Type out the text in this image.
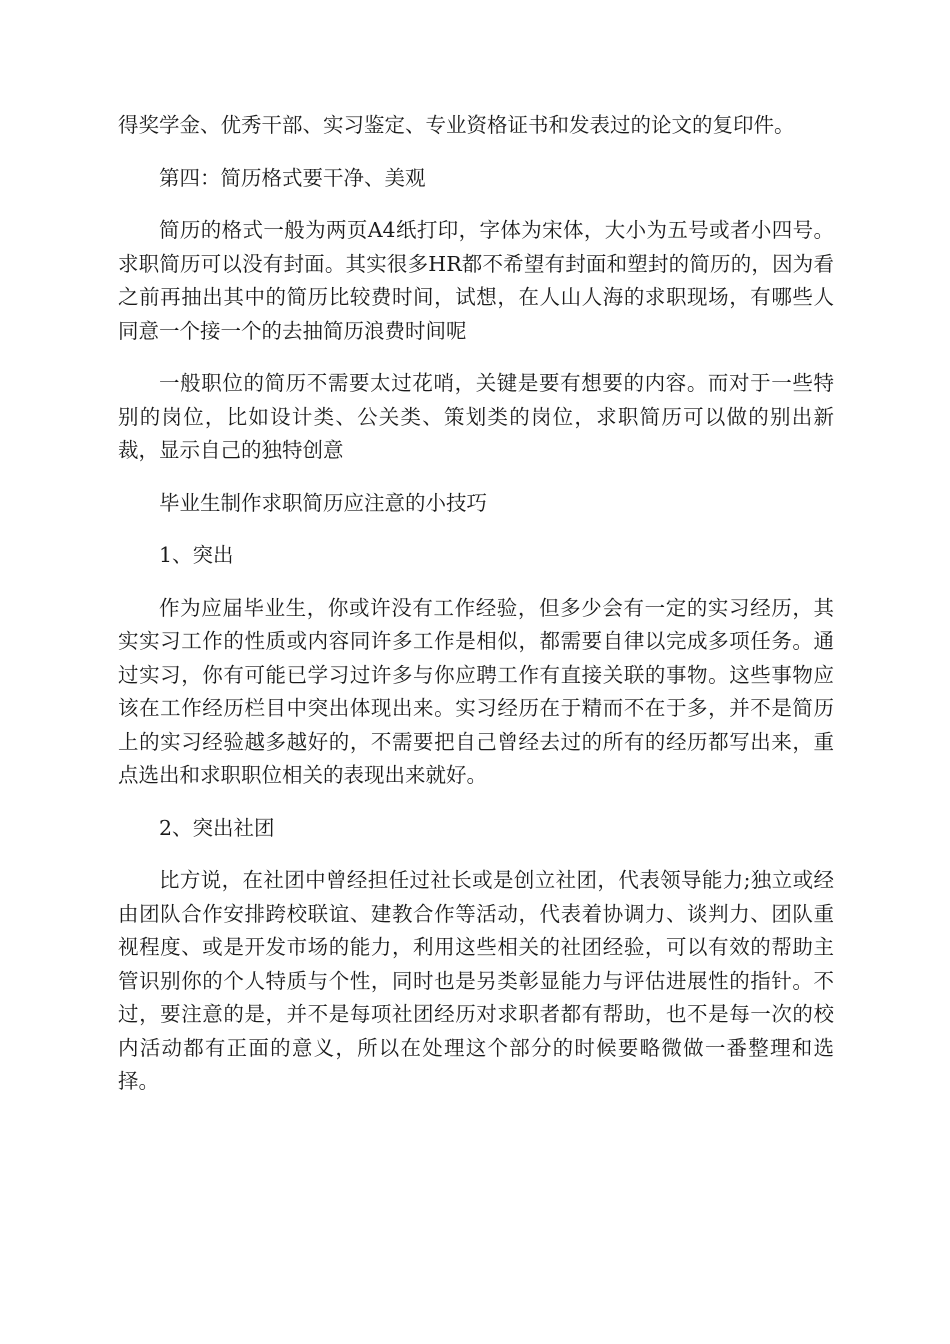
得奖学金、优秀干部、实习鉴定、专业资格证书和发表过的论文的复印件。

第四：简历格式要干净、美观

简历的格式一般为两页A4纸打印，字体为宋体，大小为五号或者小四号。求职简历可以没有封面。其实很多HR都不希望有封面和塑封的简历的，因为看之前再抽出其中的简历比较费时间，试想，在人山人海的求职现场，有哪些人同意一个接一个的去抽简历浪费时间呢

一般职位的简历不需要太过花哨，关键是要有想要的内容。而对于一些特别的岗位，比如设计类、公关类、策划类的岗位，求职简历可以做的别出新裁，显示自己的独特创意

毕业生制作求职简历应注意的小技巧

1、突出

作为应届毕业生，你或许没有工作经验，但多少会有一定的实习经历，其实实习工作的性质或内容同许多工作是相似，都需要自律以完成多项任务。通过实习，你有可能已学习过许多与你应聘工作有直接关联的事物。这些事物应该在工作经历栏目中突出体现出来。实习经历在于精而不在于多，并不是简历上的实习经验越多越好的，不需要把自己曾经去过的所有的经历都写出来，重点选出和求职职位相关的表现出来就好。

2、突出社团

比方说，在社团中曾经担任过社长或是创立社团，代表领导能力;独立或经由团队合作安排跨校联谊、建教合作等活动，代表着协调力、谈判力、团队重视程度、或是开发市场的能力，利用这些相关的社团经验，可以有效的帮助主管识别你的个人特质与个性，同时也是另类彰显能力与评估进展性的指针。不过，要注意的是，并不是每项社团经历对求职者都有帮助，也不是每一次的校内活动都有正面的意义，所以在处理这个部分的时候要略微做一番整理和选择。
